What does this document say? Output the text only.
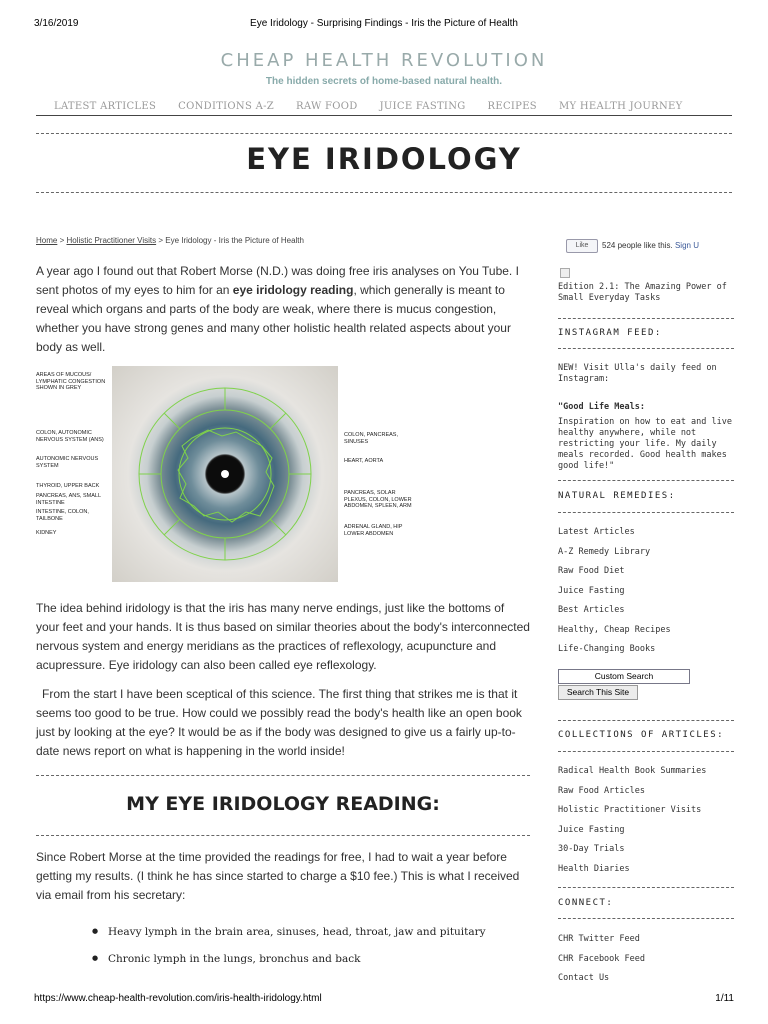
3/16/2019	Eye Iridology - Surprising Findings - Iris the Picture of Health
CHEAP HEALTH REVOLUTION
The hidden secrets of home-based natural health.
LATEST ARTICLES CONDITIONS A-Z RAW FOOD JUICE FASTING RECIPES MY HEALTH JOURNEY
EYE IRIDOLOGY
Home > Holistic Practitioner Visits > Eye Iridology - Iris the Picture of Health

A year ago I found out that Robert Morse (N.D.) was doing free iris analyses on You Tube. I sent photos of my eyes to him for an eye iridology reading, which generally is meant to reveal which organs and parts of the body are weak, where there is mucus congestion, whether you have strong genes and many other holistic health related aspects about your body as well.

AREAS OF MUCOUS/ LYMPHATIC CONGESTION SHOWN IN GREY
COLON, AUTONOMIC NERVOUS SYSTEM (ANS)
AUTONOMIC NERVOUS SYSTEM
THYROID, UPPER BACK
PANCREAS, ANS, SMALL INTESTINE
INTESTINE, COLON, TAILBONE
KIDNEY
COLON, PANCREAS, SINUSES
HEART, AORTA
PANCREAS, SOLAR PLEXUS, COLON, LOWER ABDOMEN, SPLEEN, ARM
ADRENAL GLAND, HIP LOWER ABDOMEN

The idea behind iridology is that the iris has many nerve endings, just like the bottoms of your feet and your hands. It is thus based on similar theories about the body's interconnected nervous system and energy meridians as the practices of reflexology, acupuncture and acupressure. Eye iridology can also been called eye reflexology.

From the start I have been sceptical of this science. The first thing that strikes me is that it seems too good to be true. How could we possibly read the body's health like an open book just by looking at the eye? It would be as if the body was designed to give us a fairly up-to-date news report on what is happening in the world inside!

MY EYE IRIDOLOGY READING:

Since Robert Morse at the time provided the readings for free, I had to wait a year before getting my results. (I think he has since started to charge a $10 fee.) This is what I received via email from his secretary:

● Heavy lymph in the brain area, sinuses, head, throat, jaw and pituitary
● Chronic lymph in the lungs, bronchus and back
Like	524 people like this. Sign U
Edition 2.1: The Amazing Power of Small Everyday Tasks
INSTAGRAM FEED:
NEW! Visit Ulla's daily feed on Instagram:
"Good Life Meals:
Inspiration on how to eat and live healthy anywhere, while not restricting your life. My daily meals recorded. Good health makes good life!"
NATURAL REMEDIES:
Latest Articles
A-Z Remedy Library
Raw Food Diet
Juice Fasting
Best Articles
Healthy, Cheap Recipes
Life-Changing Books
Custom Search
Search This Site
COLLECTIONS OF ARTICLES:
Radical Health Book Summaries
Raw Food Articles
Holistic Practitioner Visits
Juice Fasting
30-Day Trials
Health Diaries
CONNECT:
CHR Twitter Feed
CHR Facebook Feed
Contact Us
https://www.cheap-health-revolution.com/iris-health-iridology.html	1/11
